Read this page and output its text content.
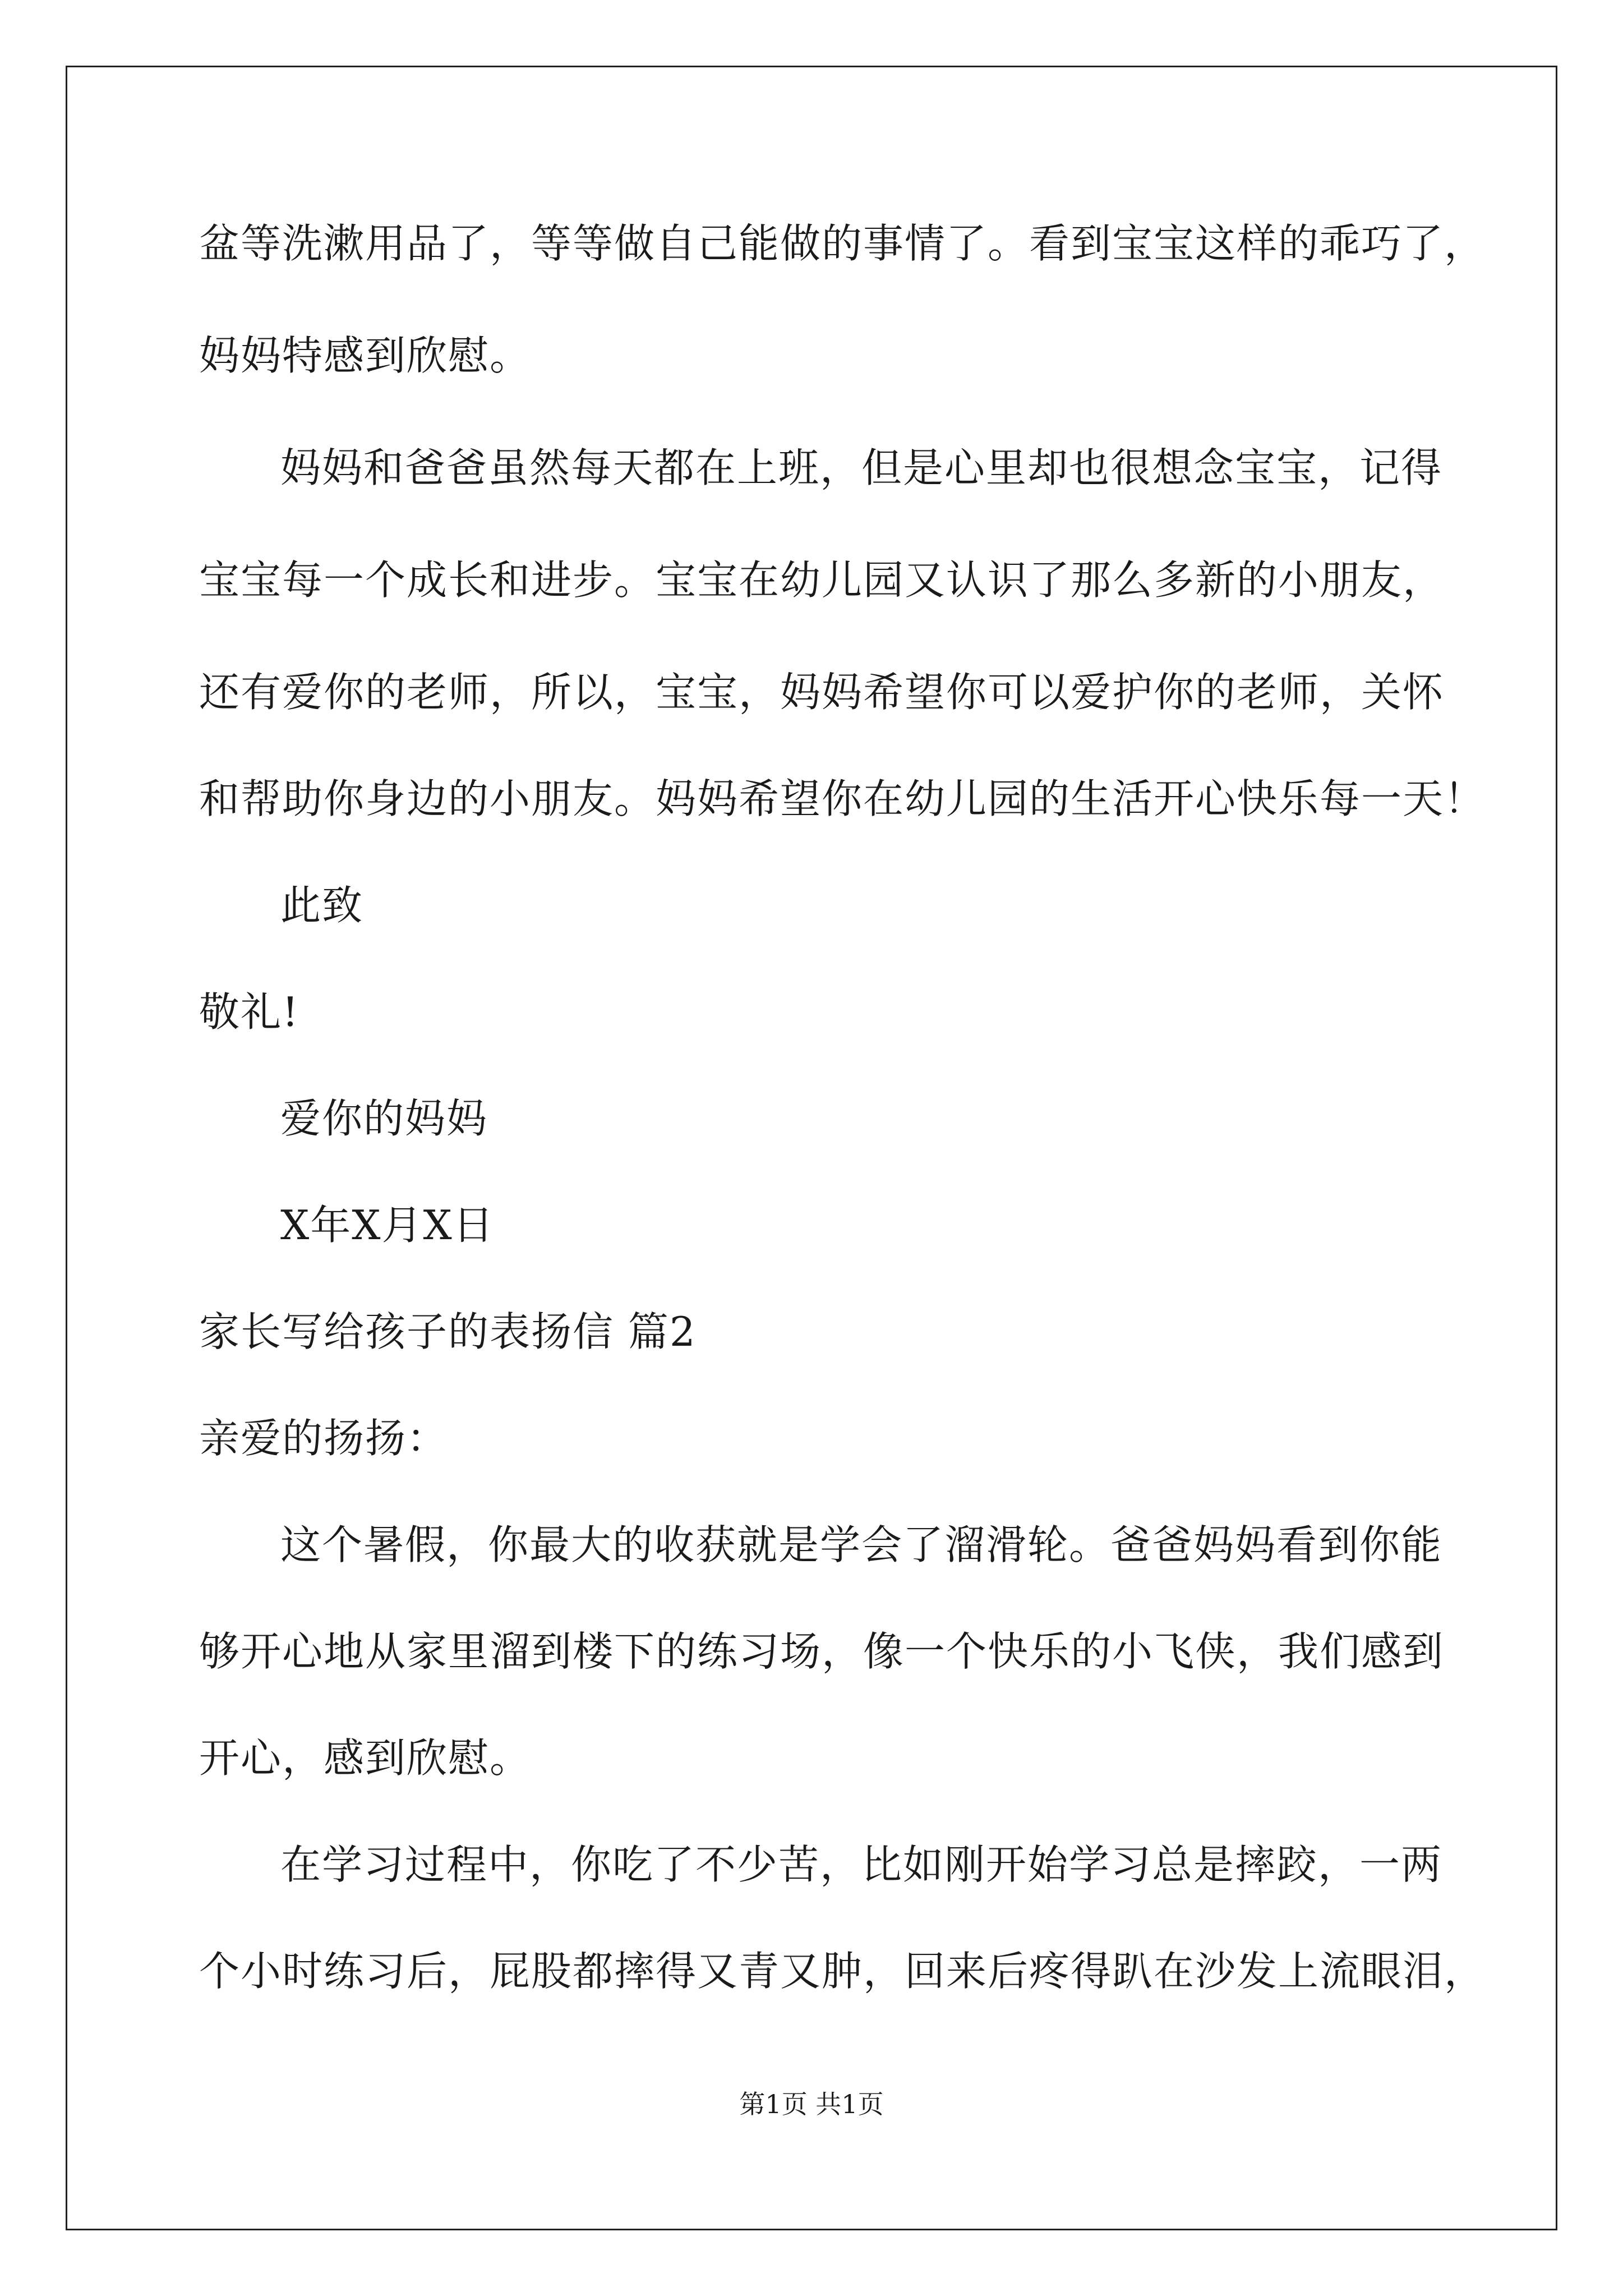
盆等洗漱用品了，等等做自己能做的事情了。看到宝宝这样的乖巧了，
妈妈特感到欣慰。
妈妈和爸爸虽然每天都在上班，但是心里却也很想念宝宝，记得
宝宝每一个成长和进步。宝宝在幼儿园又认识了那么多新的小朋友，
还有爱你的老师，所以，宝宝，妈妈希望你可以爱护你的老师，关怀
和帮助你身边的小朋友。妈妈希望你在幼儿园的生活开心快乐每一天！
此致
敬礼!
爱你的妈妈
X年X月X日
家长写给孩子的表扬信 篇2
亲爱的扬扬：
这个暑假，你最大的收获就是学会了溜滑轮。爸爸妈妈看到你能
够开心地从家里溜到楼下的练习场，像一个快乐的小飞侠，我们感到
开心，感到欣慰。
在学习过程中，你吃了不少苦，比如刚开始学习总是摔跤，一两
个小时练习后，屁股都摔得又青又肿，回来后疼得趴在沙发上流眼泪，
第1页 共1页
